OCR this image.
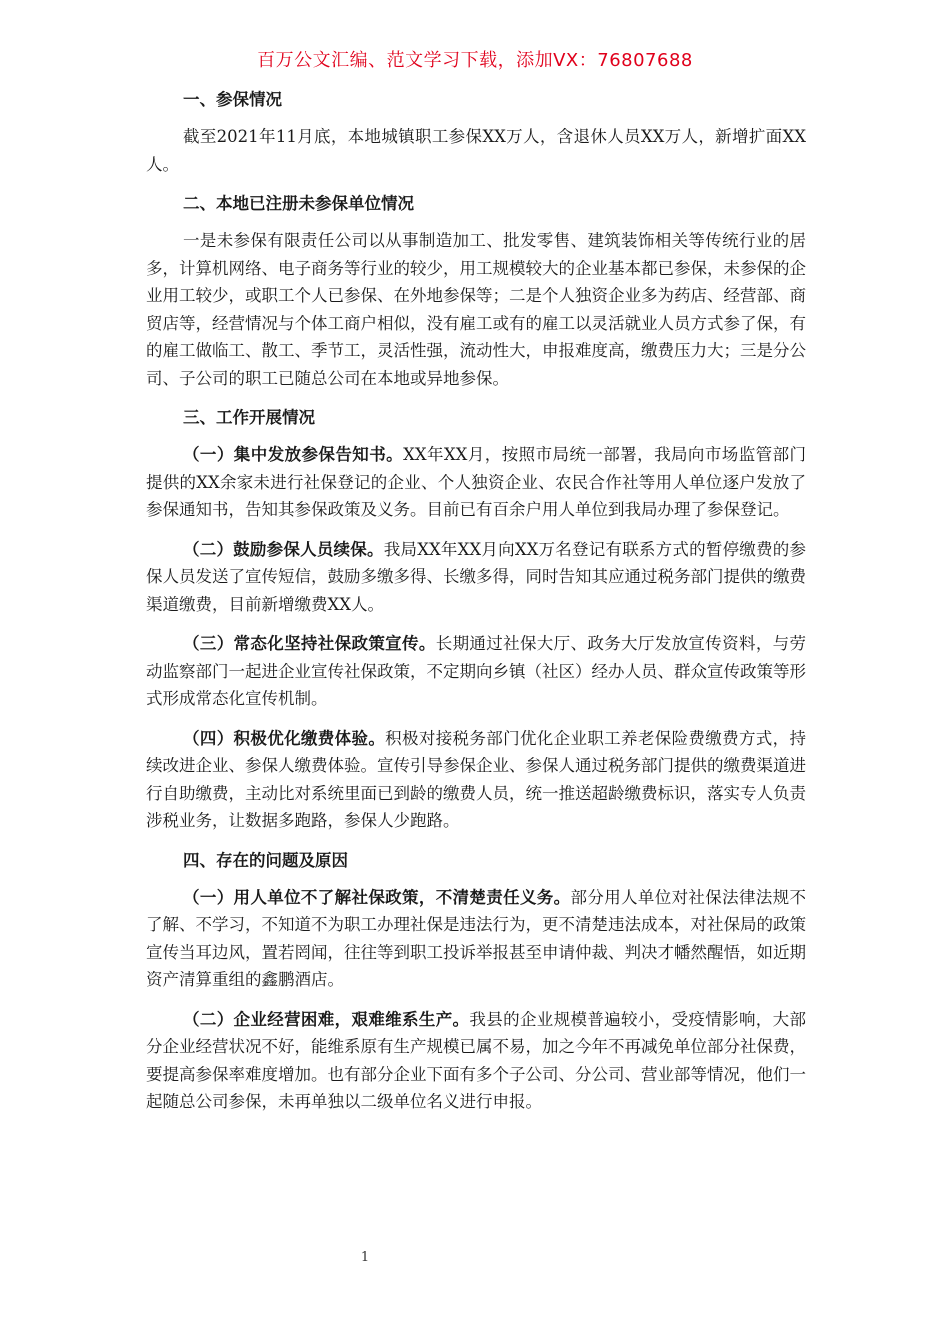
百万公文汇编、范文学习下载，添加VX：76807688
一、参保情况

截至2021年11月底，本地城镇职工参保XX万人，含退休人员XX万人，新增扩面XX人。

二、本地已注册未参保单位情况

一是未参保有限责任公司以从事制造加工、批发零售、建筑装饰相关等传统行业的居多，计算机网络、电子商务等行业的较少，用工规模较大的企业基本都已参保，未参保的企业用工较少，或职工个人已参保、在外地参保等；二是个人独资企业多为药店、经营部、商贸店等，经营情况与个体工商户相似，没有雇工或有的雇工以灵活就业人员方式参了保，有的雇工做临工、散工、季节工，灵活性强，流动性大，申报难度高，缴费压力大；三是分公司、子公司的职工已随总公司在本地或异地参保。

三、工作开展情况

（一）集中发放参保告知书。XX年XX月，按照市局统一部署，我局向市场监管部门提供的XX余家未进行社保登记的企业、个人独资企业、农民合作社等用人单位逐户发放了参保通知书，告知其参保政策及义务。目前已有百余户用人单位到我局办理了参保登记。

（二）鼓励参保人员续保。我局XX年XX月向XX万名登记有联系方式的暂停缴费的参保人员发送了宣传短信，鼓励多缴多得、长缴多得，同时告知其应通过税务部门提供的缴费渠道缴费，目前新增缴费XX人。

（三）常态化坚持社保政策宣传。长期通过社保大厅、政务大厅发放宣传资料，与劳动监察部门一起进企业宣传社保政策，不定期向乡镇（社区）经办人员、群众宣传政策等形式形成常态化宣传机制。

（四）积极优化缴费体验。积极对接税务部门优化企业职工养老保险费缴费方式，持续改进企业、参保人缴费体验。宣传引导参保企业、参保人通过税务部门提供的缴费渠道进行自助缴费，主动比对系统里面已到龄的缴费人员，统一推送超龄缴费标识，落实专人负责涉税业务，让数据多跑路，参保人少跑路。

四、存在的问题及原因

（一）用人单位不了解社保政策，不清楚责任义务。部分用人单位对社保法律法规不了解、不学习，不知道不为职工办理社保是违法行为，更不清楚违法成本，对社保局的政策宣传当耳边风，置若罔闻，往往等到职工投诉举报甚至申请仲裁、判决才幡然醒悟，如近期资产清算重组的鑫鹏酒店。

（二）企业经营困难，艰难维系生产。我县的企业规模普遍较小，受疫情影响，大部分企业经营状况不好，能维系原有生产规模已属不易，加之今年不再减免单位部分社保费，要提高参保率难度增加。也有部分企业下面有多个子公司、分公司、营业部等情况，他们一起随总公司参保，未再单独以二级单位名义进行申报。

1
